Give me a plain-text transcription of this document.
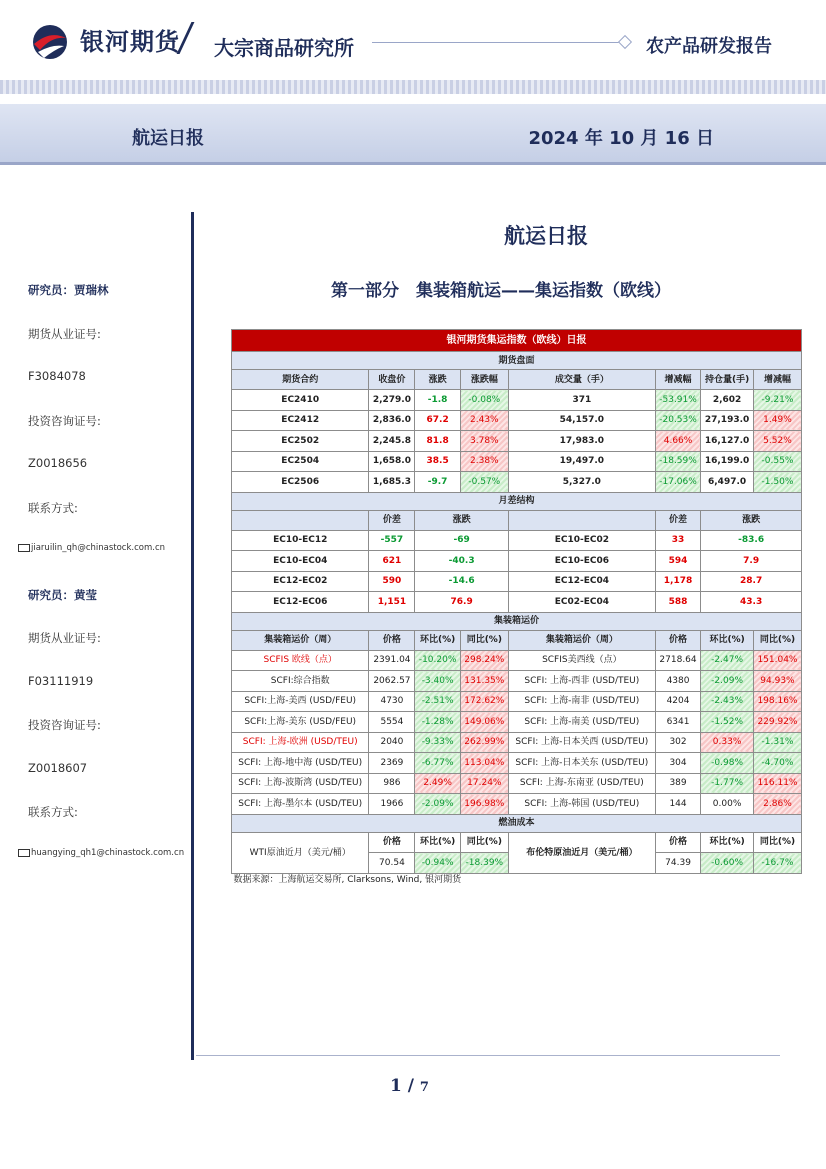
银河期货 大宗商品研究所	农产品研发报告
航运日报	2024 年 10 月 16 日
研究员：贾瑞林
期货从业证号:
F3084078
投资咨询证号:
Z0018656
联系方式:
jiaruilin_qh@chinastock.com.cn
研究员：黄莹
期货从业证号:
F03111919
投资咨询证号:
Z0018607
联系方式:
huangying_qh1@chinastock.com.cn
航运日报
第一部分　集装箱航运——集运指数（欧线）
银河期货集运指数（欧线）日报							
期货盘面							
期货合约	收盘价	涨跌	涨跌幅	成交量（手）	增减幅	持仓量(手)	增减幅
EC2410	2,279.0	-1.8	-0.08%	371	-53.91%	2,602	-9.21%
EC2412	2,836.0	67.2	2.43%	54,157.0	-20.53%	27,193.0	1.49%
EC2502	2,245.8	81.8	3.78%	17,983.0	4.66%	16,127.0	5.52%
EC2504	1,658.0	38.5	2.38%	19,497.0	-18.59%	16,199.0	-0.55%
EC2506	1,685.3	-9.7	-0.57%	5,327.0	-17.06%	6,497.0	-1.50%
月差结构							
	价差	涨跌			价差	涨跌	
EC10-EC12	-557	-69		EC10-EC02	33	-83.6	
EC10-EC04	621	-40.3		EC10-EC06	594	7.9	
EC12-EC02	590	-14.6		EC12-EC04	1,178	28.7	
EC12-EC06	1,151	76.9		EC02-EC04	588	43.3	
集装箱运价							
集装箱运价（周）	价格	环比(%)	同比(%)	集装箱运价（周）	价格	环比(%)	同比(%)
SCFIS 欧线（点）	2391.04	-10.20%	298.24%	SCFIS美西线（点）	2718.64	-2.47%	151.04%
SCFI:综合指数	2062.57	-3.40%	131.35%	SCFI: 上海-西非 (USD/TEU)	4380	-2.09%	94.93%
SCFI:上海-美西 (USD/FEU)	4730	-2.51%	172.62%	SCFI: 上海-南非 (USD/TEU)	4204	-2.43%	198.16%
SCFI:上海-美东 (USD/FEU)	5554	-1.28%	149.06%	SCFI: 上海-南美 (USD/TEU)	6341	-1.52%	229.92%
SCFI: 上海-欧洲 (USD/TEU)	2040	-9.33%	262.99%	SCFI: 上海-日本关西 (USD/TEU)	302	0.33%	-1.31%
SCFI: 上海-地中海 (USD/TEU)	2369	-6.77%	113.04%	SCFI: 上海-日本关东 (USD/TEU)	304	-0.98%	-4.70%
SCFI: 上海-波斯湾 (USD/TEU)	986	2.49%	17.24%	SCFI: 上海-东南亚 (USD/TEU)	389	-1.77%	116.11%
SCFI: 上海-墨尔本 (USD/TEU)	1966	-2.09%	196.98%	SCFI: 上海-韩国 (USD/TEU)	144	0.00%	2.86%
燃油成本							
WTI原油近月（美元/桶）	价格	环比(%)	同比(%)	布伦特原油近月（美元/桶）	价格	环比(%)	同比(%)
	70.54	-0.94%	-18.39%		74.39	-0.60%	-16.7%
数据来源：上海航运交易所, Clarksons, Wind, 银河期货							
1 / 7
